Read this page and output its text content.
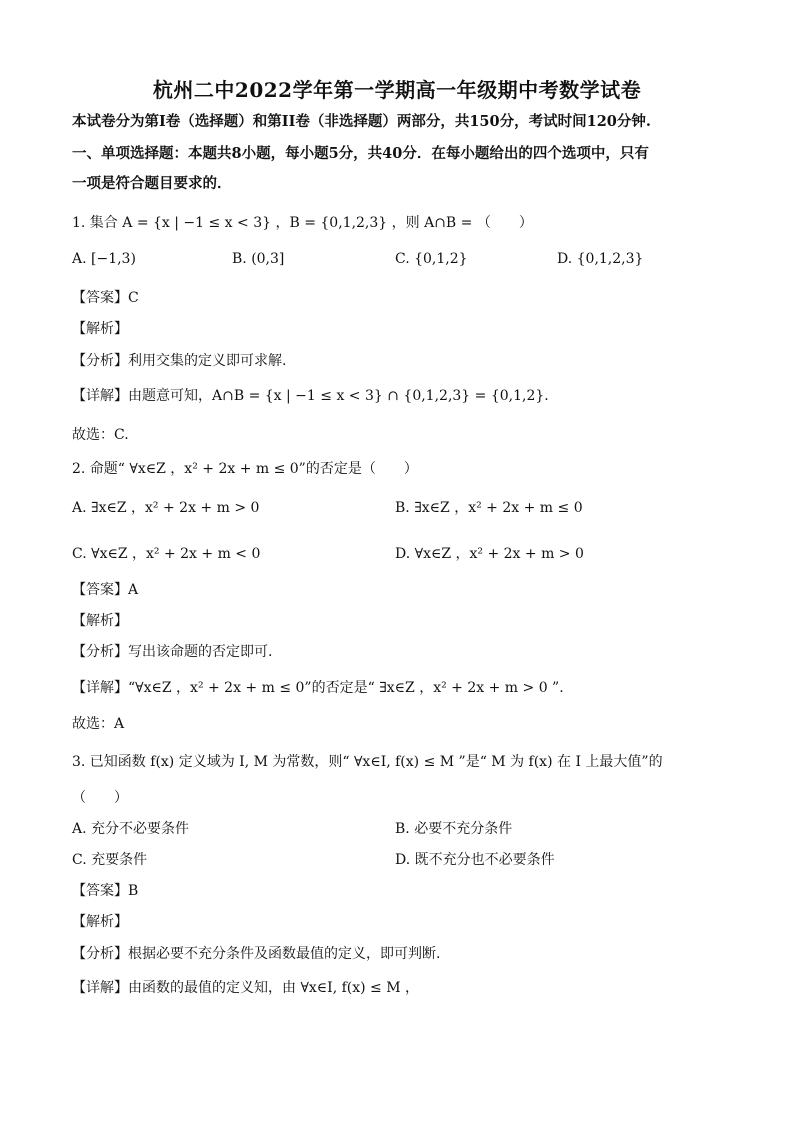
杭州二中2022学年第一学期高一年级期中考数学试卷
本试卷分为第I卷（选择题）和第II卷（非选择题）两部分，共150分，考试时间120分钟.
一、单项选择题：本题共8小题，每小题5分，共40分．在每小题给出的四个选项中，只有
一项是符合题目要求的．
1. 集合 A = {x | −1 ≤ x < 3} ，B = {0,1,2,3} ，则 A∩B = （　　）
A. [−1,3)	B. (0,3]	C. {0,1,2}	D. {0,1,2,3}
【答案】C
【解析】
【分析】利用交集的定义即可求解.
【详解】由题意可知，A∩B = {x | −1 ≤ x < 3} ∩ {0,1,2,3} = {0,1,2}.
故选：C.
2. 命题“ ∀x∈Z ，x² + 2x + m ≤ 0”的否定是（　　）
A. ∃x∈Z ，x² + 2x + m > 0	B. ∃x∈Z ，x² + 2x + m ≤ 0
C. ∀x∈Z ，x² + 2x + m < 0	D. ∀x∈Z ，x² + 2x + m > 0
【答案】A
【解析】
【分析】写出该命题的否定即可.
【详解】“∀x∈Z ，x² + 2x + m ≤ 0”的否定是“ ∃x∈Z ，x² + 2x + m > 0 ”.
故选：A
3. 已知函数 f(x) 定义域为 I, M 为常数，则“ ∀x∈I, f(x) ≤ M ”是“ M 为 f(x) 在 I 上最大值”的
（　　）
A. 充分不必要条件	B. 必要不充分条件
C. 充要条件	D. 既不充分也不必要条件
【答案】B
【解析】
【分析】根据必要不充分条件及函数最值的定义，即可判断.
【详解】由函数的最值的定义知，由 ∀x∈I, f(x) ≤ M ，
